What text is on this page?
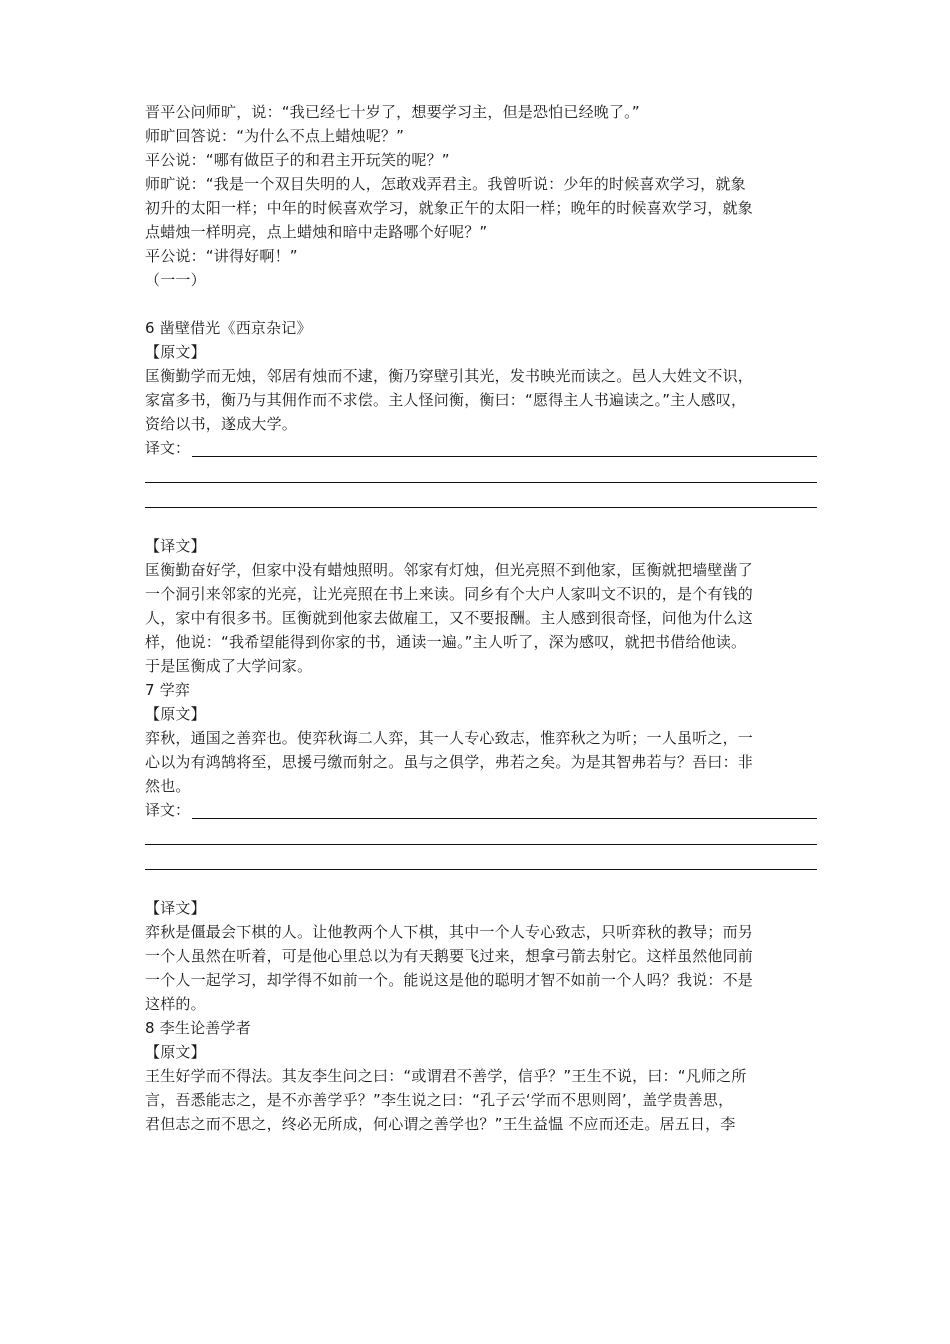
晋平公问师旷，说：“我已经七十岁了，想要学习主，但是恐怕已经晚了。”
师旷回答说：“为什么不点上蜡烛呢？”
平公说：“哪有做臣子的和君主开玩笑的呢？”
师旷说：“我是一个双目失明的人，怎敢戏弄君主。我曾听说：少年的时候喜欢学习，就象
初升的太阳一样；中年的时候喜欢学习，就象正午的太阳一样；晚年的时候喜欢学习，就象
点蜡烛一样明亮，点上蜡烛和暗中走路哪个好呢？”
平公说：“讲得好啊！”
（一一）
6 凿壁借光《西京杂记》
【原文】
匡衡勤学而无烛，邻居有烛而不逮，衡乃穿壁引其光，发书映光而读之。邑人大姓文不识，
家富多书，衡乃与其佣作而不求偿。主人怪问衡，衡曰：“愿得主人书遍读之。”主人感叹，
资给以书，遂成大学。
译文：
【译文】
匡衡勤奋好学，但家中没有蜡烛照明。邻家有灯烛，但光亮照不到他家，匡衡就把墙壁凿了
一个洞引来邻家的光亮，让光亮照在书上来读。同乡有个大户人家叫文不识的，是个有钱的
人，家中有很多书。匡衡就到他家去做雇工，又不要报酬。主人感到很奇怪，问他为什么这
样，他说：“我希望能得到你家的书，通读一遍。”主人听了，深为感叹，就把书借给他读。
于是匡衡成了大学问家。
7 学弈
【原文】
弈秋，通国之善弈也。使弈秋诲二人弈，其一人专心致志，惟弈秋之为听；一人虽听之，一
心以为有鸿鹄将至，思援弓缴而射之。虽与之俱学，弗若之矣。为是其智弗若与？吾曰：非
然也。
译文：
【译文】
弈秋是僵最会下棋的人。让他教两个人下棋，其中一个人专心致志，只听弈秋的教导；而另
一个人虽然在听着，可是他心里总以为有天鹅要飞过来，想拿弓箭去射它。这样虽然他同前
一个人一起学习，却学得不如前一个。能说这是他的聪明才智不如前一个人吗？我说：不是
这样的。
8 李生论善学者
【原文】
王生好学而不得法。其友李生问之曰：“或谓君不善学，信乎？”王生不说，曰：“凡师之所
言，吾悉能志之，是不亦善学乎？”李生说之曰：“孔子云‘学而不思则罔’，盖学贵善思，
君但志之而不思之，终必无所成，何心谓之善学也？”王生益愠 不应而还走。居五日，李
